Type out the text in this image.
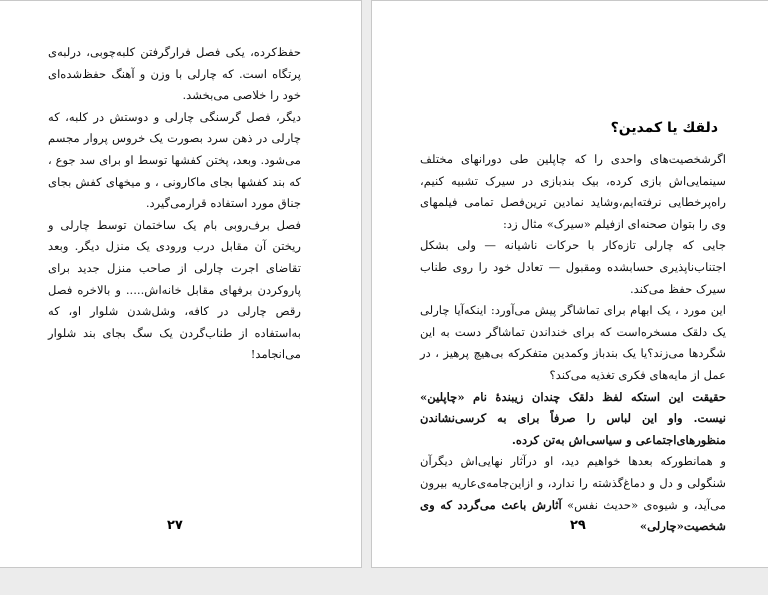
حفظ‌کرده، یکی فصل فرارگرفتن کلبه‌چوبی، درلبه‌ی پرتگاه است. که چارلی با وزن و آهنگ حفظ‌شده‌ای خود را خلاصی می‌بخشد.

دیگر، فصل گرسنگی چارلی و دوستش در کلبه، که چارلی در ذهن سرد بصورت یک خروس پروار مجسم می‌شود. وبعد، پختن کفشها توسط او برای سد جوع ، که بند کفشها بجای ماکارونی ، و میخهای کفش بجای جناق مورد استفاده قرارمی‌گیرد.

فصل برف‌روبی بام یک ساختمان توسط چارلی و ریختن آن مقابل درب ورودی یک منزل دیگر. وبعد تقاضای اجرت چارلی از صاحب منزل جدید برای پاروکردن برفهای مقابل خانه‌اش..... و بالاخره فصل رقص چارلی در کافه، وشل‌شدن شلوار او، که به‌استفاده از طناب‌گردن یک سگ بجای بند شلوار می‌انجامد!

۲۷
دلقك یا كمدین؟

اگرشخصیت‌های واحدی را که چاپلین طی دورانهای مختلف سینمایی‌اش بازی کرده، بیک بندبازی در سیرک تشبیه کنیم، راه‌پرخطایی نرفته‌ایم،وشاید نمادین ترین‌فصل تمامی فیلمهای وی را بتوان صحنه‌ای ازفیلم «سیرک» مثال زد:

جایی که چارلی تازه‌کار با حرکات ناشیانه — ولی بشکل اجتناب‌ناپذیری حسابشده ومقبول — تعادل خود را روی طناب سیرک حفظ می‌کند.

این مورد ، یک ابهام برای تماشاگر پیش می‌آورد: اینکه‌آیا چارلی یک دلقک مسخره‌است که برای خنداندن تماشاگر دست به این شگردها می‌زند؟یا یک بندباز وکمدین متفکرکه بی‌هیچ پرهیز ، در عمل از مایه‌های فکری تغذیه می‌کند؟

حقیقت این استکه لفظ دلقک چندان زیبندهٔ نام «چاپلین» نیست. واو این لباس را صرفاً برای به کرسی‌نشاندن منظورهای‌اجتماعی و سیاسی‌اش به‌تن کرده.

و همانطورکه بعدها خواهیم دید، او درآثار نهایی‌اش دیگرآن شنگولی و دل و دماغ‌گذشته را ندارد، و ازاین‌جامه‌ی‌عاریه بیرون می‌آید، و شیوه‌ی «حدیث نفس» آثارش باعث می‌گردد که وی شخصیت«چارلی»

۲۹
